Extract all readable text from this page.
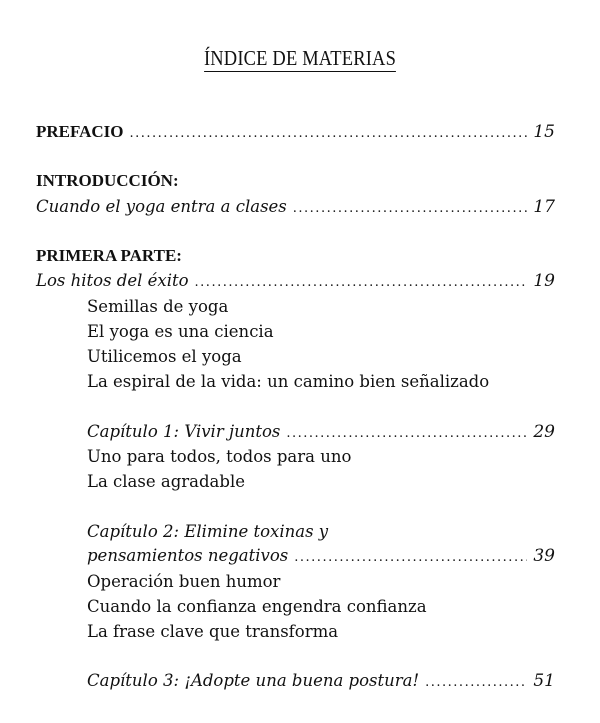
ÍNDICE DE MATERIAS
PREFACIO .....	15
INTRODUCCIÓN:
Cuando el yoga entra a clases .....	17
PRIMERA PARTE:
Los hitos del éxito .....	19
Semillas de yoga
El yoga es una ciencia
Utilicemos el yoga
La espiral de la vida: un camino bien señalizado
Capítulo 1: Vivir juntos .....	29
Uno para todos, todos para uno
La clase agradable
Capítulo 2: Elimine toxinas y
pensamientos negativos .....	39
Operación buen humor
Cuando la confianza engendra confianza
La frase clave que transforma
Capítulo 3: ¡Adopte una buena postura! .....	51
